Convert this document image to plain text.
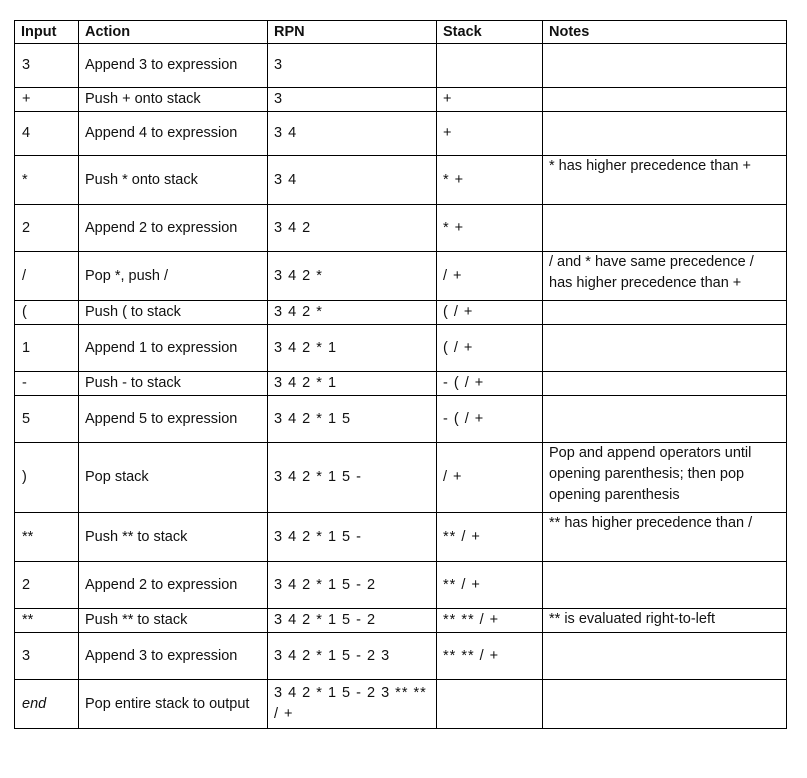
Input	Action	RPN	Stack	Notes
3	Append 3 to expression	3		
+	Push + onto stack	3	+	
4	Append 4 to expression	3 4	+	
*	Push * onto stack	3 4	* +	* has higher precedence than +
2	Append 2 to expression	3 4 2	* +	
/	Pop *, push /	3 4 2 *	/ +	/ and * have same precedence / has higher precedence than +
(	Push ( to stack	3 4 2 *	( / +	
1	Append 1 to expression	3 4 2 * 1	( / +	
-	Push - to stack	3 4 2 * 1	- ( / +	
5	Append 5 to expression	3 4 2 * 1 5	- ( / +	
)	Pop stack	3 4 2 * 1 5 -	/ +	Pop and append operators until opening parenthesis; then pop opening parenthesis
**	Push ** to stack	3 4 2 * 1 5 -	** / +	** has higher precedence than /
2	Append 2 to expression	3 4 2 * 1 5 - 2	** / +	
**	Push ** to stack	3 4 2 * 1 5 - 2	** ** / +	** is evaluated right-to-left
3	Append 3 to expression	3 4 2 * 1 5 - 2 3	** ** / +	
end	Pop entire stack to output	3 4 2 * 1 5 - 2 3 ** ** / +		
